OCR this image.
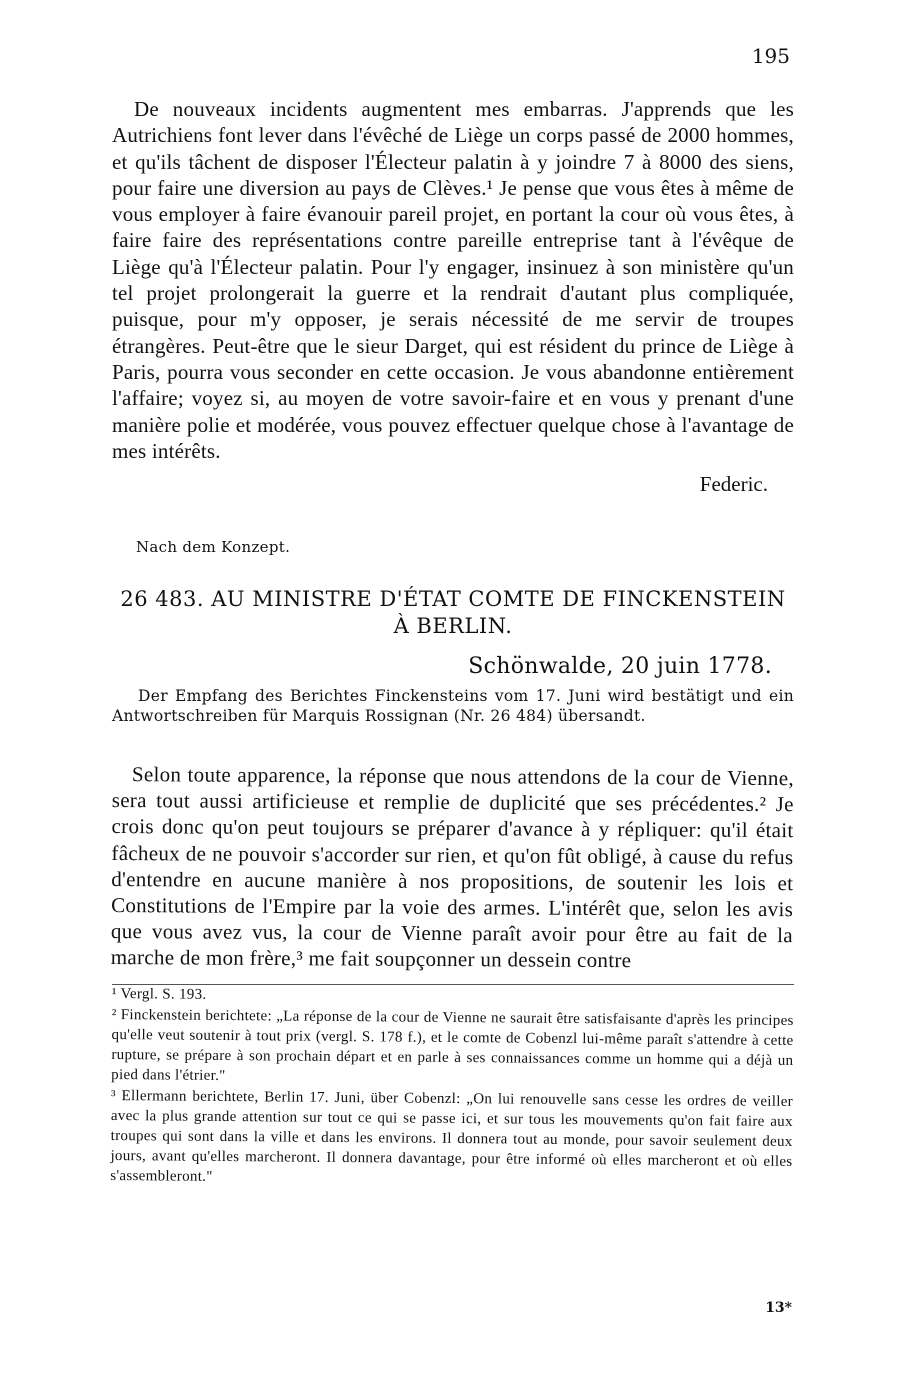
195

De nouveaux incidents augmentent mes embarras. J'apprends que les Autrichiens font lever dans l'évêché de Liège un corps passé de 2000 hommes, et qu'ils tâchent de disposer l'Électeur palatin à y joindre 7 à 8000 des siens, pour faire une diversion au pays de Clèves.¹ Je pense que vous êtes à même de vous employer à faire évanouir pareil projet, en portant la cour où vous êtes, à faire faire des représentations contre pareille entreprise tant à l'évêque de Liège qu'à l'Électeur palatin. Pour l'y engager, insinuez à son ministère qu'un tel projet prolongerait la guerre et la rendrait d'autant plus compliquée, puisque, pour m'y opposer, je serais nécessité de me servir de troupes étrangères. Peut-être que le sieur Darget, qui est résident du prince de Liège à Paris, pourra vous seconder en cette occasion. Je vous abandonne entièrement l'affaire; voyez si, au moyen de votre savoir-faire et en vous y prenant d'une manière polie et modérée, vous pouvez effectuer quelque chose à l'avantage de mes intérêts.

Federic.
Nach dem Konzept.
26 483. AU MINISTRE D'ÉTAT COMTE DE FINCKENSTEIN À BERLIN.
Schönwalde, 20 juin 1778.
Der Empfang des Berichtes Finckensteins vom 17. Juni wird bestätigt und ein Antwortschreiben für Marquis Rossignan (Nr. 26 484) übersandt.

Selon toute apparence, la réponse que nous attendons de la cour de Vienne, sera tout aussi artificieuse et remplie de duplicité que ses précédentes.² Je crois donc qu'on peut toujours se préparer d'avance à y répliquer: qu'il était fâcheux de ne pouvoir s'accorder sur rien, et qu'on fût obligé, à cause du refus d'entendre en aucune manière à nos propositions, de soutenir les lois et Constitutions de l'Empire par la voie des armes. L'intérêt que, selon les avis que vous avez vus, la cour de Vienne paraît avoir pour être au fait de la marche de mon frère,³ me fait soupçonner un dessein contre

¹ Vergl. S. 193.

² Finckenstein berichtete: „La réponse de la cour de Vienne ne saurait être satisfaisante d'après les principes qu'elle veut soutenir à tout prix (vergl. S. 178 f.), et le comte de Cobenzl lui-même paraît s'attendre à cette rupture, se prépare à son prochain départ et en parle à ses connaissances comme un homme qui a déjà un pied dans l'étrier."

³ Ellermann berichtete, Berlin 17. Juni, über Cobenzl: „On lui renouvelle sans cesse les ordres de veiller avec la plus grande attention sur tout ce qui se passe ici, et sur tous les mouvements qu'on fait faire aux troupes qui sont dans la ville et dans les environs. Il donnera tout au monde, pour savoir seulement deux jours, avant qu'elles marcheront. Il donnera davantage, pour être informé où elles marcheront et où elles s'assembleront."

13*
